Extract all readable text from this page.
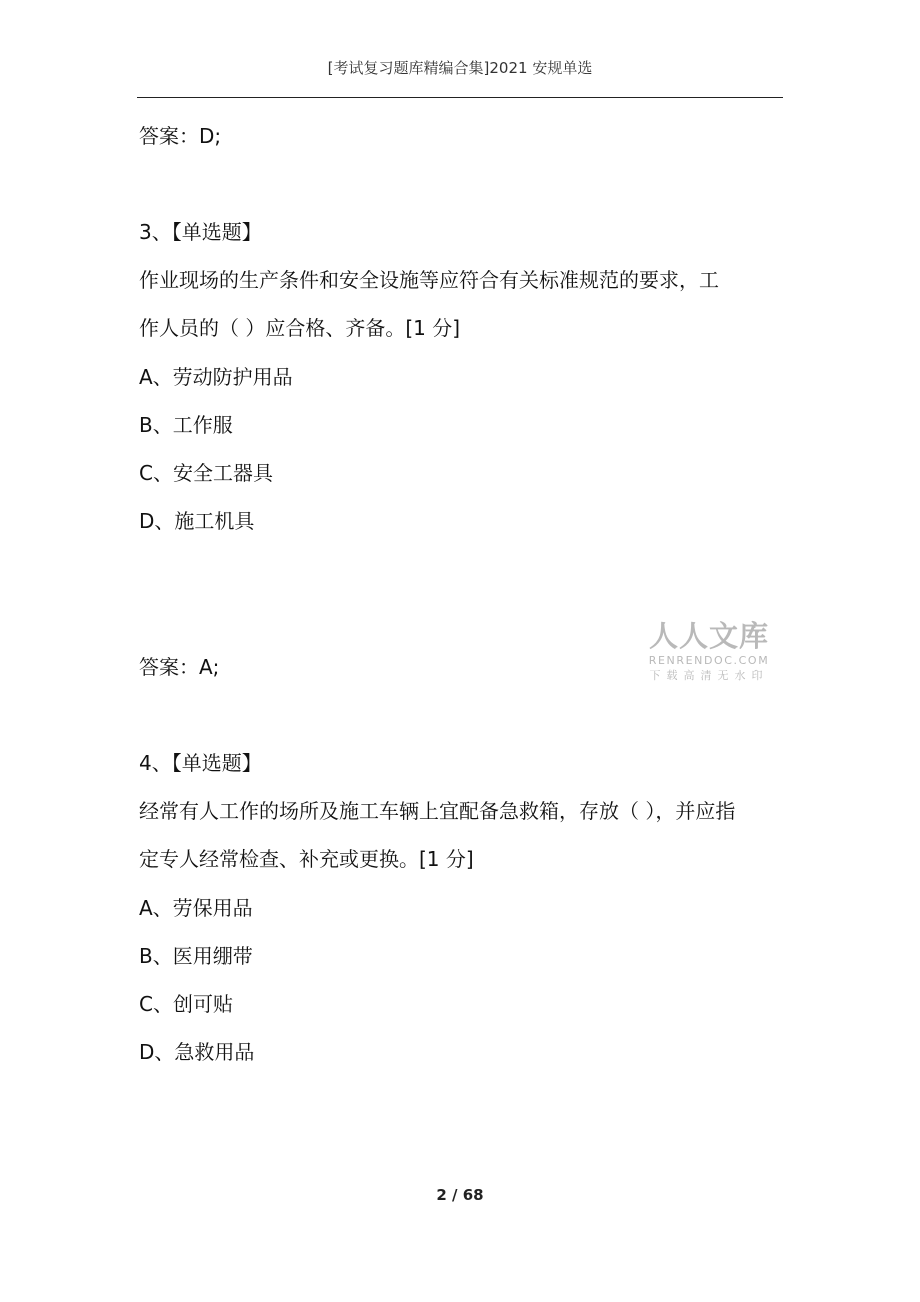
[考试复习题库精编合集]2021 安规单选
答案：D;
3、【单选题】
作业现场的生产条件和安全设施等应符合有关标准规范的要求，工
作人员的（ ）应合格、齐备。[1 分]
A、劳动防护用品
B、工作服
C、安全工器具
D、施工机具
人人文库
RENRENDOC.COM
下载高清无水印
答案：A;
4、【单选题】
经常有人工作的场所及施工车辆上宜配备急救箱，存放（ ），并应指
定专人经常检查、补充或更换。[1 分]
A、劳保用品
B、医用绷带
C、创可贴
D、急救用品
2 / 68
